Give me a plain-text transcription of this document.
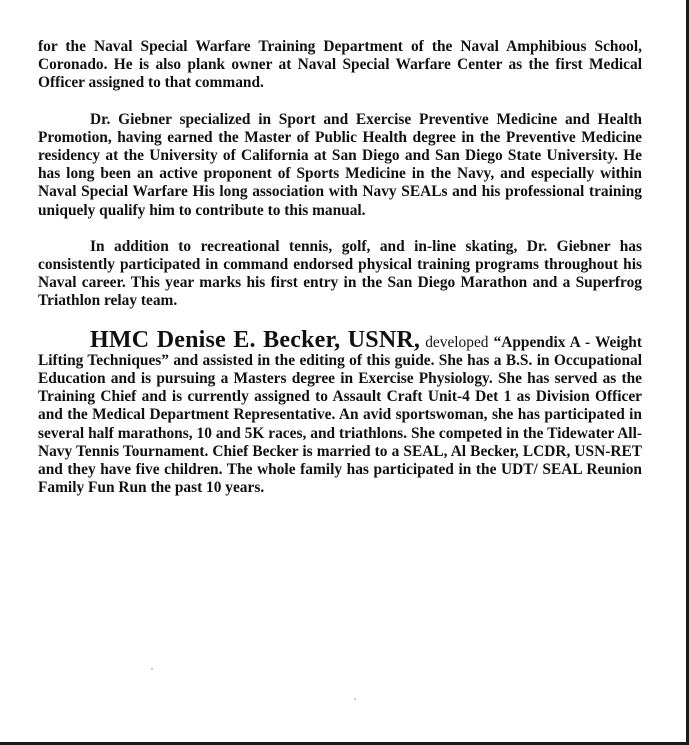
for the Naval Special Warfare Training Department of the Naval Amphibious School, Coronado. He is also plank owner at Naval Special Warfare Center as the first Medical Officer assigned to that command.

Dr. Giebner specialized in Sport and Exercise Preventive Medicine and Health Promotion, having earned the Master of Public Health degree in the Preventive Medicine residency at the University of California at San Diego and San Diego State University. He has long been an active proponent of Sports Medicine in the Navy, and especially within Naval Special Warfare His long association with Navy SEALs and his professional training uniquely qualify him to contribute to this manual.

In addition to recreational tennis, golf, and in-line skating, Dr. Giebner has consistently participated in command endorsed physical training programs throughout his Naval career. This year marks his first entry in the San Diego Marathon and a Superfrog Triathlon relay team.

HMC Denise E. Becker, USNR, developed “Appendix A - Weight Lifting Techniques” and assisted in the editing of this guide. She has a B.S. in Occupational Education and is pursuing a Masters degree in Exercise Physiology. She has served as the Training Chief and is currently assigned to Assault Craft Unit-4 Det 1 as Division Officer and the Medical Department Representative. An avid sportswoman, she has participated in several half marathons, 10 and 5K races, and triathlons. She competed in the Tidewater All-Navy Tennis Tournament. Chief Becker is married to a SEAL, Al Becker, LCDR, USN-RET and they have five children. The whole family has participated in the UDT/ SEAL Reunion Family Fun Run the past 10 years.
